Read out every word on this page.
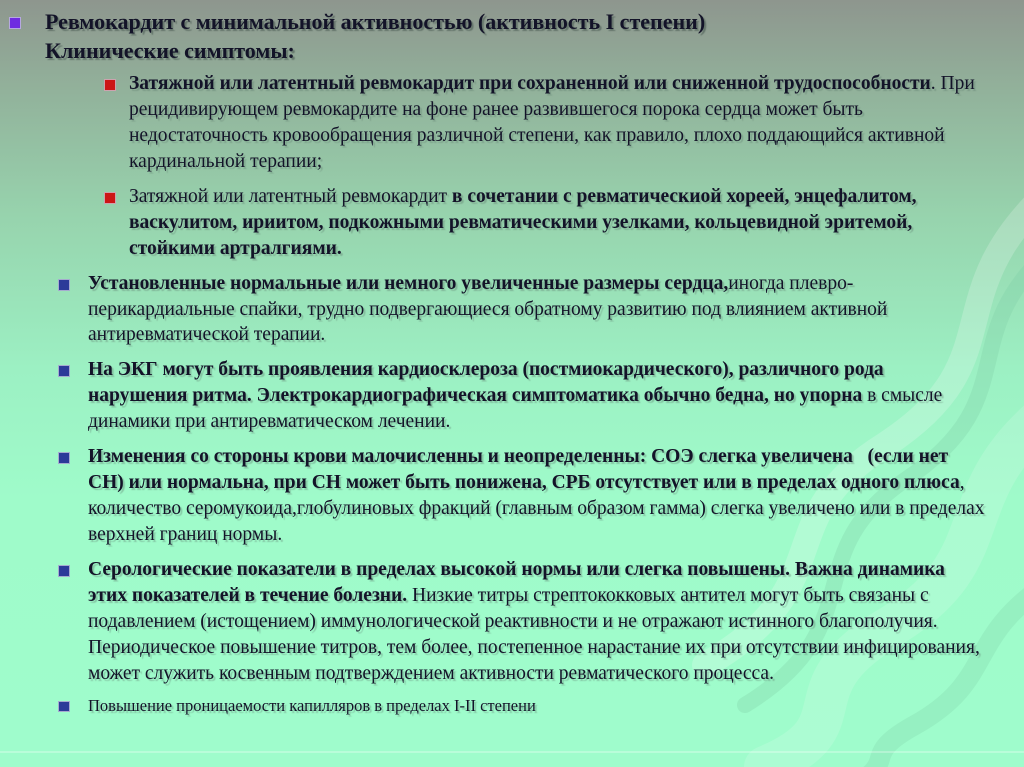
Ревмокардит с минимальной активностью (активность I степени)
Клинические симптомы:
Затяжной или латентный ревмокардит при сохраненной или сниженной трудоспособности. При рецидивирующем ревмокардите на фоне ранее развившегося порока сердца может быть недостаточность кровообращения различной степени, как правило, плохо поддающийся активной кардинальной терапии;
Затяжной или латентный ревмокардит в сочетании с ревматическиой хореей, энцефалитом, васкулитом, ириитом, подкожными ревматическими узелками, кольцевидной эритемой, стойкими артралгиями.
Установленные нормальные или немного увеличенные размеры сердца,иногда плевро-перикардиальные спайки, трудно подвергающиеся обратному развитию под влиянием активной антиревматической терапии.
На ЭКГ могут быть проявления кардиосклероза (постмиокардического), различного рода нарушения ритма. Электрокардиографическая симптоматика обычно бедна, но упорна в смысле динамики при антиревматическом лечении.
Изменения со стороны крови малочисленны и неопределенны: СОЭ слегка увеличена   (если нет СН) или нормальна, при СН может быть понижена, СРБ отсутствует или в пределах одного плюса, количество серомукоида,глобулиновых фракций (главным образом гамма) слегка увеличено или в пределах верхней границ нормы.
Серологические показатели в пределах высокой нормы или слегка повышены. Важна динамика этих показателей в течение болезни. Низкие титры стрептококковых антител могут быть связаны с подавлением (истощением) иммунологической реактивности и не отражают истинного благополучия. Периодическое повышение титров, тем более, постепенное нарастание их при отсутствии инфицирования, может служить косвенным подтверждением активности ревматического процесса.
Повышение проницаемости капилляров в пределах I-II степени
